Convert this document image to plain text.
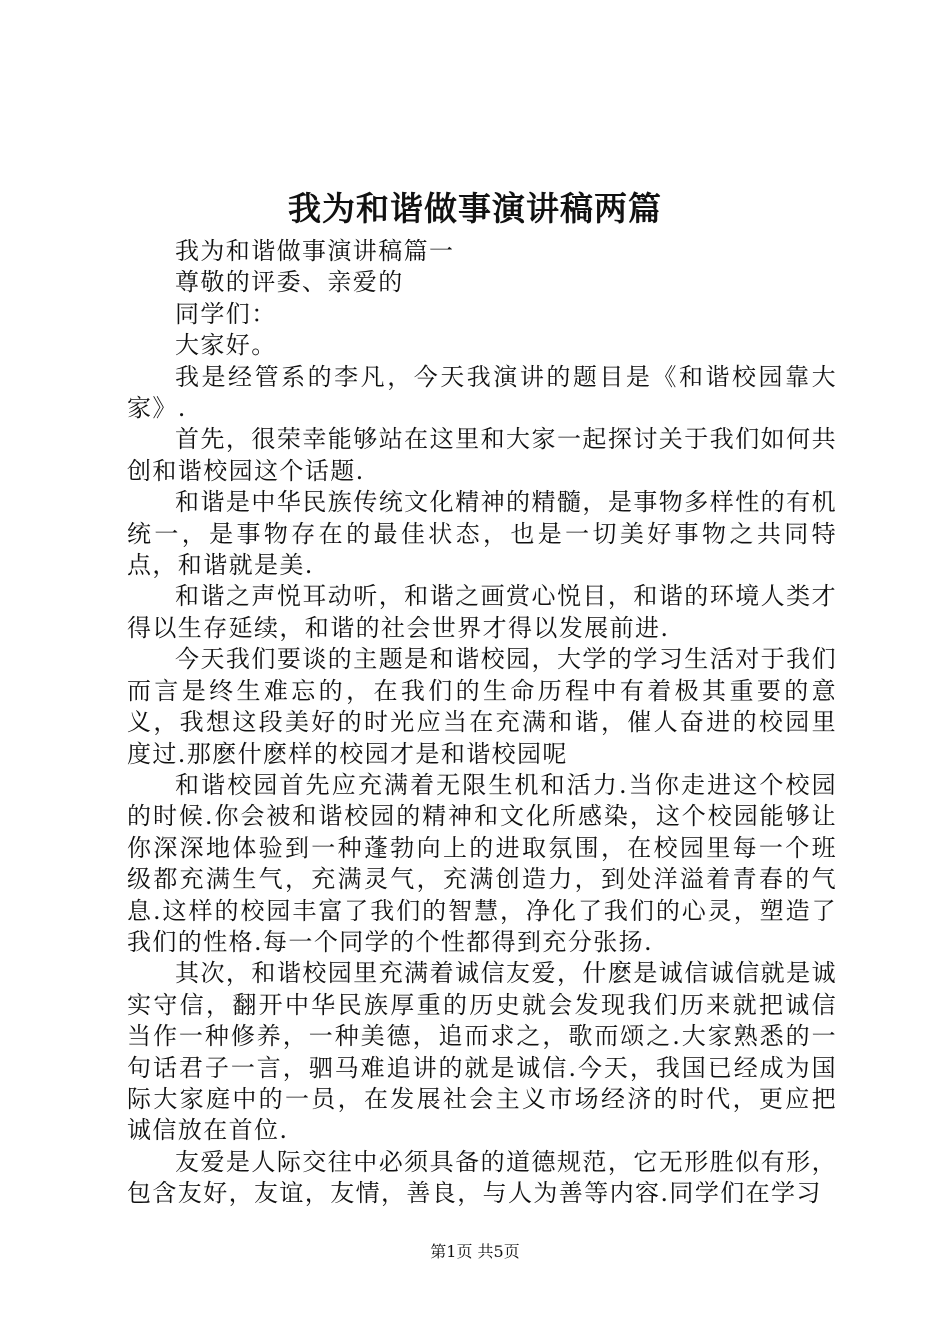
我为和谐做事演讲稿两篇

我为和谐做事演讲稿篇一

尊敬的评委、亲爱的

同学们：

大家好。

我是经管系的李凡，今天我演讲的题目是《和谐校园靠大家》.

首先，很荣幸能够站在这里和大家一起探讨关于我们如何共创和谐校园这个话题.

和谐是中华民族传统文化精神的精髓，是事物多样性的有机统一，是事物存在的最佳状态，也是一切美好事物之共同特点，和谐就是美.

和谐之声悦耳动听，和谐之画赏心悦目，和谐的环境人类才得以生存延续，和谐的社会世界才得以发展前进.

今天我们要谈的主题是和谐校园，大学的学习生活对于我们而言是终生难忘的，在我们的生命历程中有着极其重要的意义，我想这段美好的时光应当在充满和谐，催人奋进的校园里度过.那麽什麽样的校园才是和谐校园呢

和谐校园首先应充满着无限生机和活力.当你走进这个校园的时候.你会被和谐校园的精神和文化所感染，这个校园能够让你深深地体验到一种蓬勃向上的进取氛围，在校园里每一个班级都充满生气，充满灵气，充满创造力，到处洋溢着青春的气息.这样的校园丰富了我们的智慧，净化了我们的心灵，塑造了我们的性格.每一个同学的个性都得到充分张扬.

其次，和谐校园里充满着诚信友爱，什麽是诚信诚信就是诚实守信，翻开中华民族厚重的历史就会发现我们历来就把诚信当作一种修养，一种美德，追而求之，歌而颂之.大家熟悉的一句话君子一言，驷马难追讲的就是诚信.今天，我国已经成为国际大家庭中的一员，在发展社会主义市场经济的时代，更应把诚信放在首位.

友爱是人际交往中必须具备的道德规范，它无形胜似有形，包含友好，友谊，友情，善良，与人为善等内容.同学们在学习

第1页 共5页
